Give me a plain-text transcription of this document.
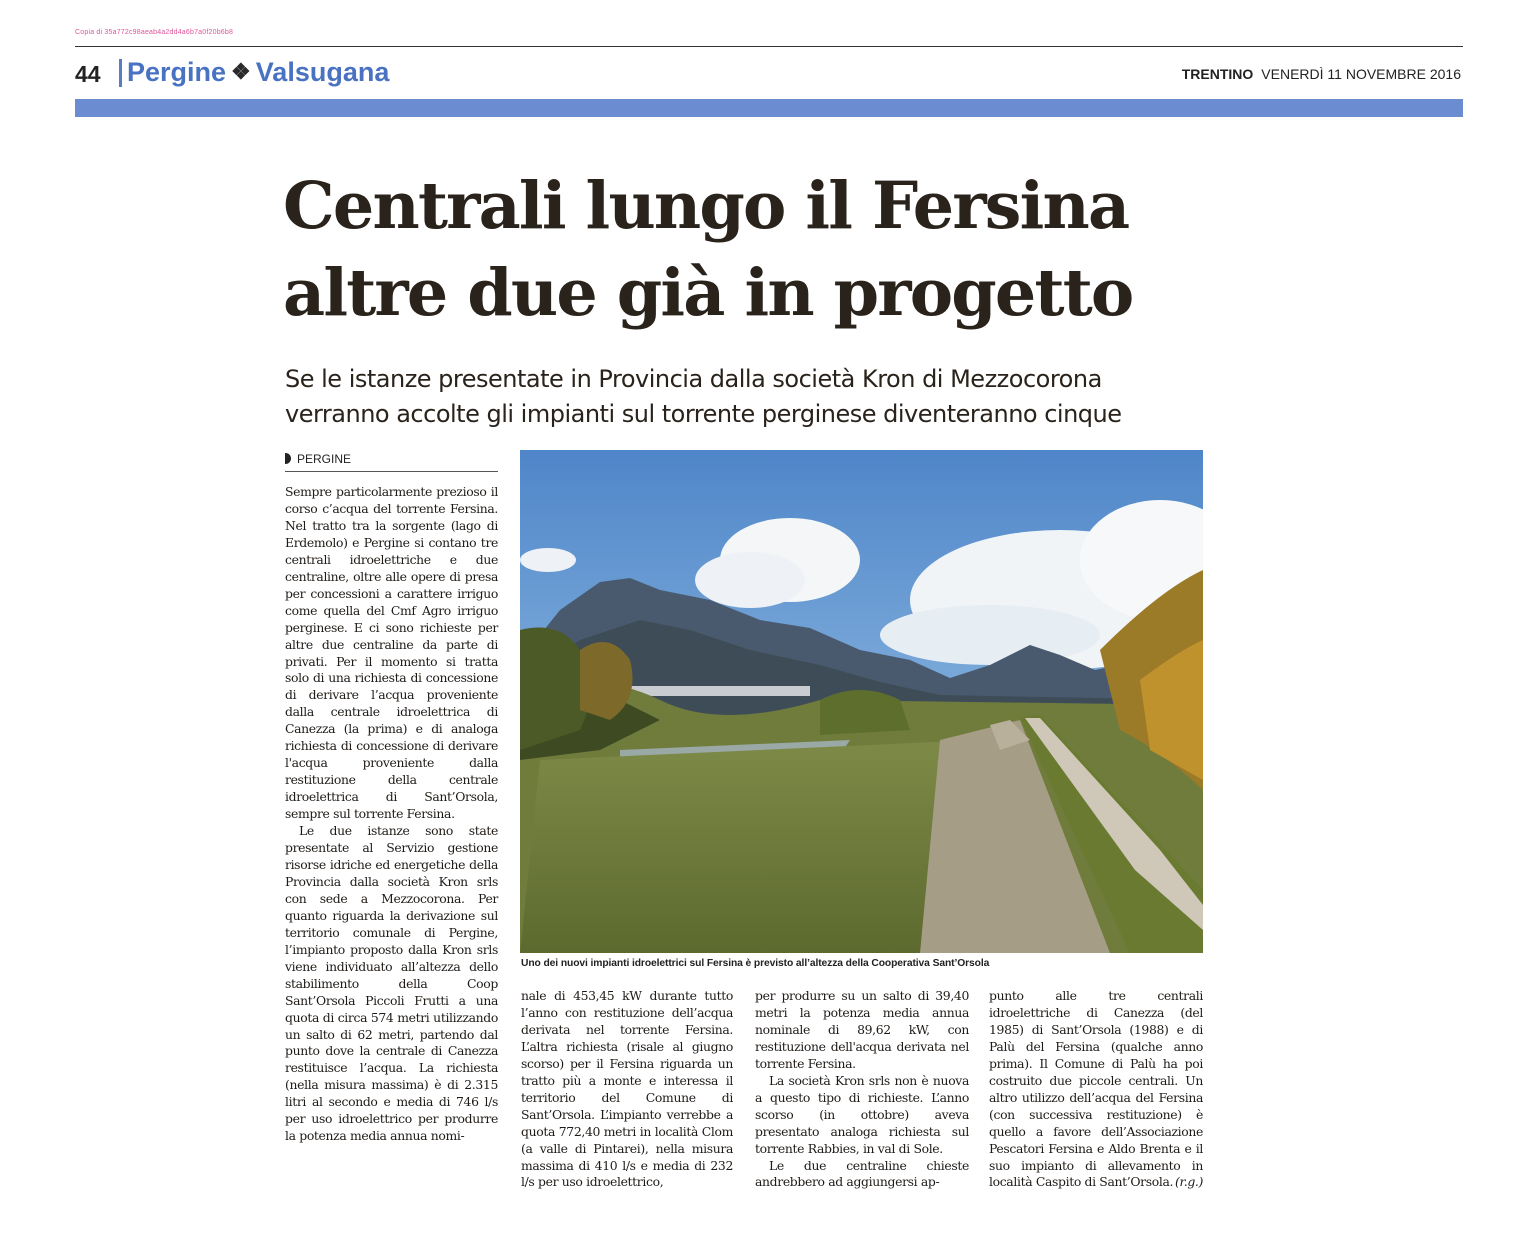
Copia di 35a772c98aeab4a2dd4a6b7a0f20b6b8
44 Pergine ❖ Valsugana	TRENTINO VENERDÌ 11 NOVEMBRE 2016
Centrali lungo il Fersina
altre due già in progetto
Se le istanze presentate in Provincia dalla società Kron di Mezzocorona
verranno accolte gli impianti sul torrente perginese diventeranno cinque
PERGINE

Sempre particolarmente prezioso il corso c’acqua del torrente Fersina. Nel tratto tra la sorgente (lago di Erdemolo) e Pergine si contano tre centrali idroelettriche e due centraline, oltre alle opere di presa per concessioni a carattere irriguo come quella del Cmf Agro irriguo perginese. E ci sono richieste per altre due centraline da parte di privati. Per il momento si tratta solo di una richiesta di concessione di derivare l’acqua proveniente dalla centrale idroelettrica di Canezza (la prima) e di analoga richiesta di concessione di derivare l'acqua proveniente dalla restituzione della centrale idroelettrica di Sant’Orsola, sempre sul torrente Fersina.

Le due istanze sono state presentate al Servizio gestione risorse idriche ed energetiche della Provincia dalla società Kron srls con sede a Mezzocorona. Per quanto riguarda la derivazione sul territorio comunale di Pergine, l’impianto proposto dalla Kron srls viene individuato all’altezza dello stabilimento della Coop Sant’Orsola Piccoli Frutti a una quota di circa 574 metri utilizzando un salto di 62 metri, partendo dal punto dove la centrale di Canezza restituisce l’acqua. La richiesta (nella misura massima) è di 2.315 litri al secondo e media di 746 l/s per uso idroelettrico per produrre la potenza media annua nomi-

Uno dei nuovi impianti idroelettrici sul Fersina è previsto all’altezza della Cooperativa Sant’Orsola

nale di 453,45 kW durante tutto l’anno con restituzione dell’acqua derivata nel torrente Fersina. L’altra richiesta (risale al giugno scorso) per il Fersina riguarda un tratto più a monte e interessa il territorio del Comune di Sant’Orsola. L’impianto verrebbe a quota 772,40 metri in località Clom (a valle di Pintarei), nella misura massima di 410 l/s e media di 232 l/s per uso idroelettrico,

per produrre su un salto di 39,40 metri la potenza media annua nominale di 89,62 kW, con restituzione dell'acqua derivata nel torrente Fersina.

La società Kron srls non è nuova a questo tipo di richieste. L’anno scorso (in ottobre) aveva presentato analoga richiesta sul torrente Rabbies, in val di Sole.

Le due centraline chieste andrebbero ad aggiungersi ap-

punto alle tre centrali idroelettriche di Canezza (del 1985) di Sant’Orsola (1988) e di Palù del Fersina (qualche anno prima). Il Comune di Palù ha poi costruito due piccole centrali. Un altro utilizzo dell’acqua del Fersina (con successiva restituzione) è quello a favore dell’Associazione Pescatori Fersina e Aldo Brenta e il suo impianto di allevamento in località Caspito di Sant’Orsola. (r.g.)
